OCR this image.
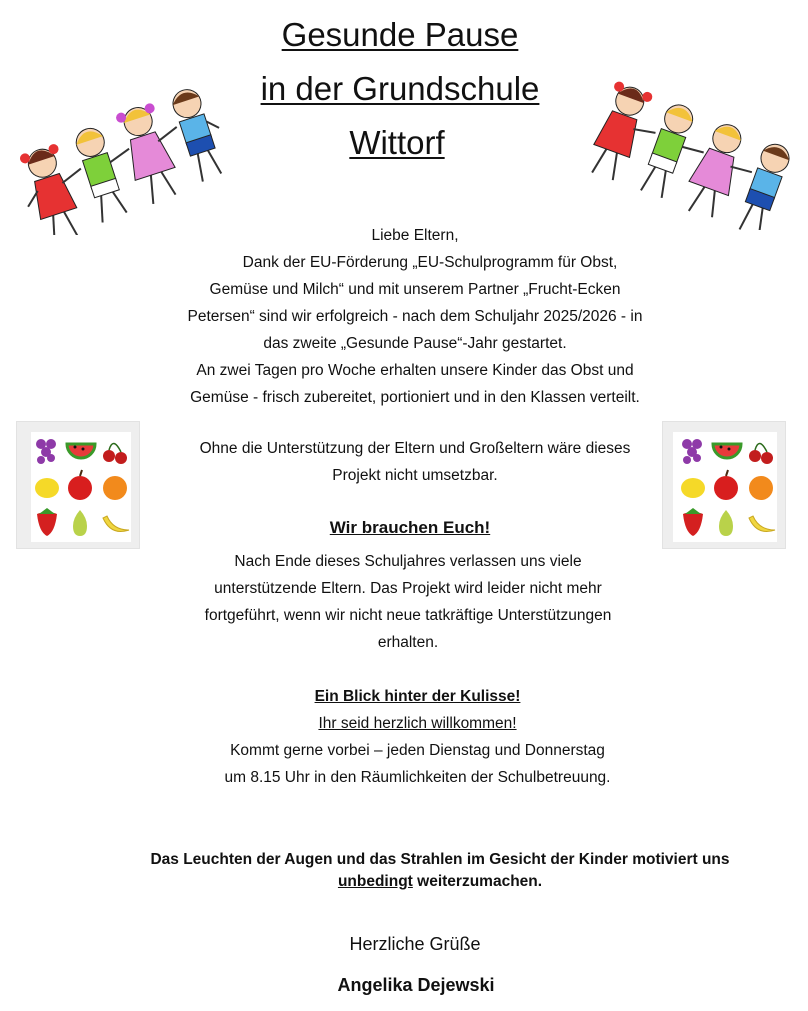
Gesunde Pause
in der Grundschule
Wittorf
Liebe Eltern,
Dank der EU-Förderung „EU-Schulprogramm für Obst,
Gemüse und Milch“ und mit unserem Partner „Frucht-Ecken
Petersen“ sind wir erfolgreich - nach dem Schuljahr 2025/2026 - in
das zweite „Gesunde Pause“-Jahr gestartet.
An zwei Tagen pro Woche erhalten unsere Kinder das Obst und
Gemüse - frisch zubereitet, portioniert und in den Klassen verteilt.
Ohne die Unterstützung der Eltern und Großeltern wäre dieses
Projekt nicht umsetzbar.
Wir brauchen Euch!
Nach Ende dieses Schuljahres verlassen uns viele
unterstützende Eltern. Das Projekt wird leider nicht mehr
fortgeführt, wenn wir nicht neue tatkräftige Unterstützungen
erhalten.
Ein Blick hinter der Kulisse!
Ihr seid herzlich willkommen!
Kommt gerne vorbei – jeden Dienstag und Donnerstag
um 8.15 Uhr in den Räumlichkeiten der Schulbetreuung.
Das Leuchten der Augen und das Strahlen im Gesicht der Kinder motiviert uns
unbedingt weiterzumachen.
Herzliche Grüße
Angelika Dejewski
